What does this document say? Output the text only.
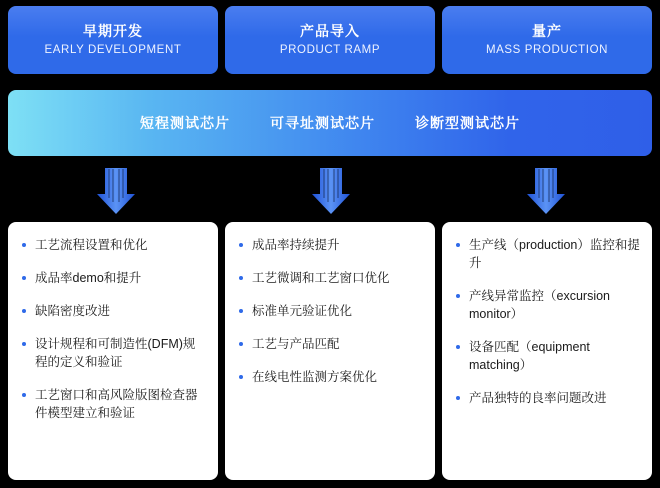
早期开发
EARLY DEVELOPMENT
产品导入
PRODUCT RAMP
量产
MASS PRODUCTION
短程测试芯片	可寻址测试芯片	诊断型测试芯片
工艺流程设置和优化
成品率demo和提升
缺陷密度改进
设计规程和可制造性(DFM)规程的定义和验证
工艺窗口和高风险版图检查器件模型建立和验证
成品率持续提升
工艺微调和工艺窗口优化
标准单元验证优化
工艺与产品匹配
在线电性监测方案优化
生产线（production）监控和提升
产线异常监控（excursion monitor）
设备匹配（equipment matching）
产品独特的良率问题改进
